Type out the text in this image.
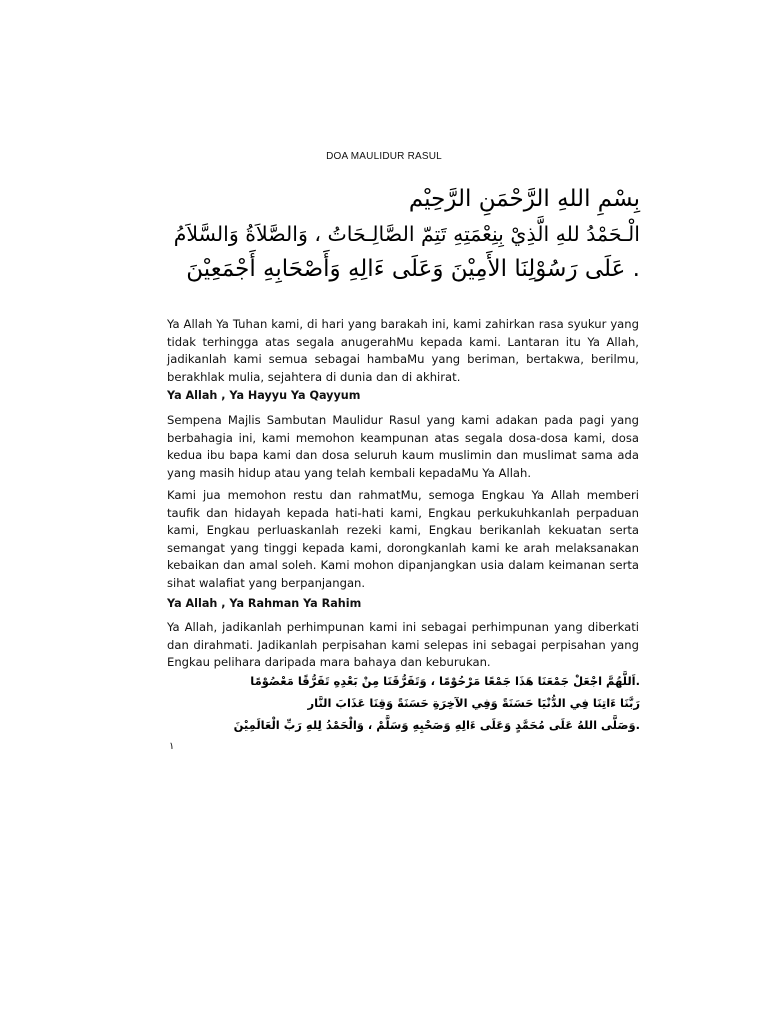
DOA MAULIDUR RASUL
بِسْمِ اللهِ الرَّحْمَنِ الرَّحِيْم
الْـحَمْدُ للهِ الَّذِيْ بِنِعْمَتِهِ تَتِمّ الصَّالِـحَاتُ ، وَالصَّلاَةُ وَالسَّلاَمُ
. عَلَى رَسُوْلِنَا الأَمِيْنَ وَعَلَى ءَالِهِ وَأَصْحَابِهِ أَجْمَعِيْنَ

Ya Allah Ya Tuhan kami, di hari yang barakah ini, kami zahirkan rasa syukur yang tidak terhingga atas segala anugerahMu kepada kami. Lantaran itu Ya Allah, jadikanlah kami semua sebagai hambaMu yang beriman, bertakwa, berilmu, berakhlak mulia, sejahtera di dunia dan di akhirat.

Ya Allah , Ya Hayyu Ya Qayyum

Sempena Majlis Sambutan Maulidur Rasul yang kami adakan pada pagi yang berbahagia ini, kami memohon keampunan atas segala dosa-dosa kami, dosa kedua ibu bapa kami dan dosa seluruh kaum muslimin dan muslimat sama ada yang masih hidup atau yang telah kembali kepadaMu Ya Allah.

Kami jua memohon restu dan rahmatMu, semoga Engkau Ya Allah memberi taufik dan hidayah kepada hati-hati kami, Engkau perkukuhkanlah perpaduan kami, Engkau perluaskanlah rezeki kami, Engkau berikanlah kekuatan serta semangat yang tinggi kepada kami, dorongkanlah kami ke arah melaksanakan kebaikan dan amal soleh. Kami mohon dipanjangkan usia dalam keimanan serta sihat walafiat yang berpanjangan.

Ya Allah , Ya Rahman Ya Rahim

Ya Allah, jadikanlah perhimpunan kami ini sebagai perhimpunan yang diberkati dan dirahmati. Jadikanlah perpisahan kami selepas ini sebagai perpisahan yang Engkau pelihara daripada mara bahaya dan keburukan.

.اَللَّهُمَّ اجْعَلْ جَمْعَنَا هَذَا جَمْعًا مَرْحُوْمًا ، وَتَفَرُّقَنَا مِنْ بَعْدِهِ تَفَرُّقًا مَعْصُوْمًا
رَبَّنَا ءَاتِنَا فِي الدُّنْيَا حَسَنَةً وَفِي الآخِرَةِ حَسَنَةً وَقِنَا عَذَابَ النَّار
.وَصَلَّى اللهُ عَلَى مُحَمَّدٍ وَعَلَى ءَالِهِ وَصَحْبِهِ وَسَلَّمْ ، وَالْحَمْدُ لِلهِ رَبِّ الْعَالَمِيْنَ
١
